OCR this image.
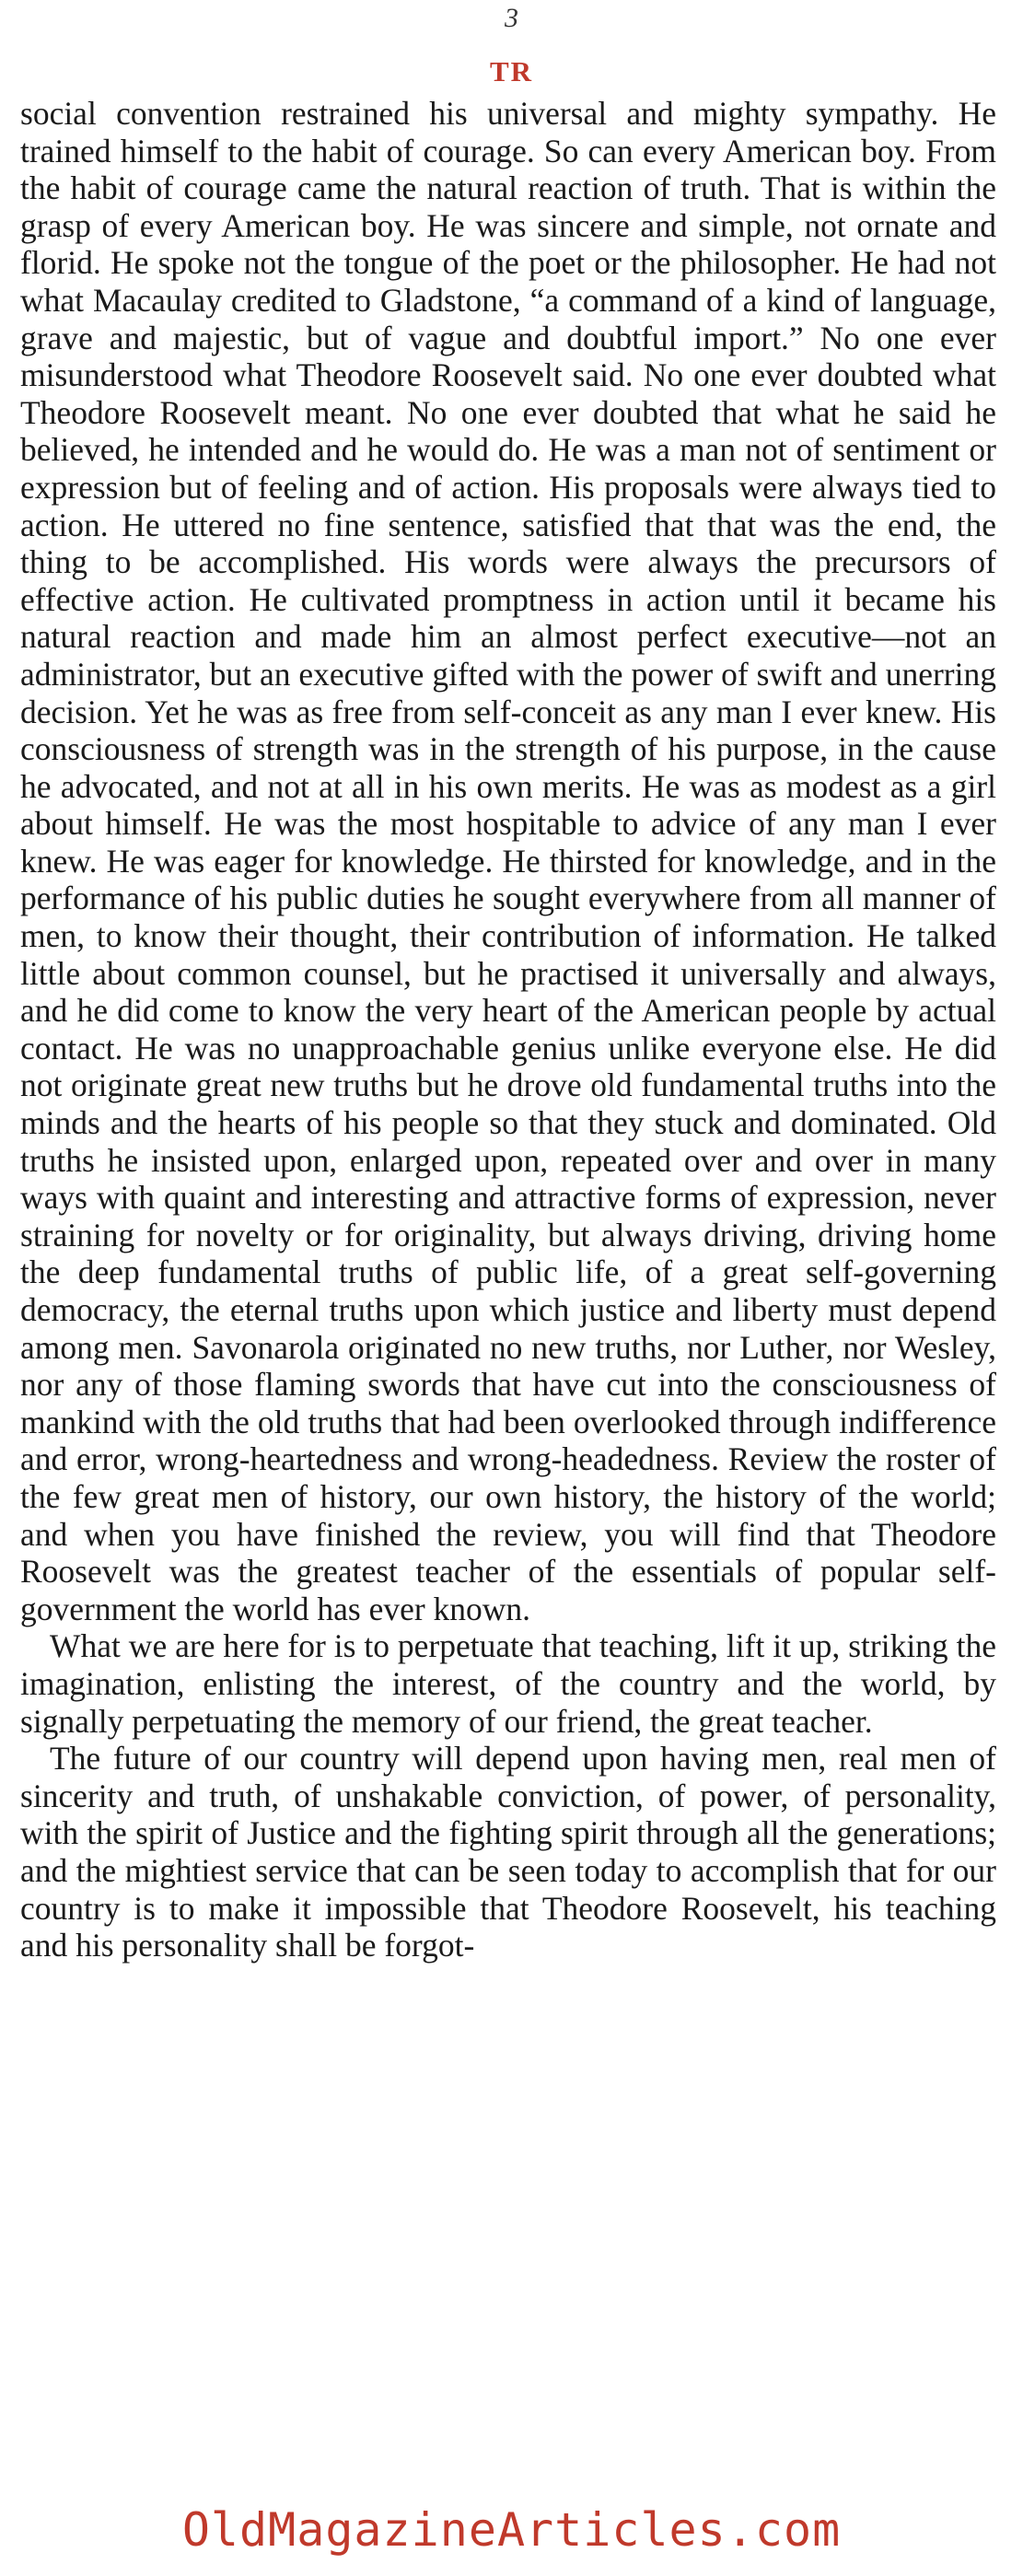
3
TR

social convention restrained his universal and mighty sympathy. He trained himself to the habit of courage. So can every American boy. From the habit of courage came the natural reaction of truth. That is within the grasp of every American boy. He was sincere and simple, not ornate and florid. He spoke not the tongue of the poet or the philosopher. He had not what Macaulay credited to Gladstone, “a command of a kind of language, grave and majestic, but of vague and doubtful import.” No one ever misunderstood what Theodore Roosevelt said. No one ever doubted what Theodore Roosevelt meant. No one ever doubted that what he said he believed, he intended and he would do. He was a man not of sentiment or expression but of feeling and of action. His proposals were always tied to action. He uttered no fine sentence, satisfied that that was the end, the thing to be accomplished. His words were always the precursors of effective action. He cultivated promptness in action until it became his natural reaction and made him an almost perfect executive—not an administrator, but an executive gifted with the power of swift and unerring decision. Yet he was as free from self-conceit as any man I ever knew. His consciousness of strength was in the strength of his purpose, in the cause he advocated, and not at all in his own merits. He was as modest as a girl about himself. He was the most hospitable to advice of any man I ever knew. He was eager for knowledge. He thirsted for knowledge, and in the performance of his public duties he sought everywhere from all manner of men, to know their thought, their contribution of information. He talked little about common counsel, but he practised it universally and always, and he did come to know the very heart of the American people by actual contact. He was no unapproachable genius unlike everyone else. He did not originate great new truths but he drove old fundamental truths into the minds and the hearts of his people so that they stuck and dominated. Old truths he insisted upon, enlarged upon, repeated over and over in many ways with quaint and interesting and attractive forms of expression, never straining for novelty or for originality, but always driving, driving home the deep fundamental truths of public life, of a great self-governing democracy, the eternal truths upon which justice and liberty must depend among men. Savonarola originated no new truths, nor Luther, nor Wesley, nor any of those flaming swords that have cut into the consciousness of mankind with the old truths that had been overlooked through indifference and error, wrong-heartedness and wrong-headedness. Review the roster of the few great men of history, our own history, the history of the world; and when you have finished the review, you will find that Theodore Roosevelt was the greatest teacher of the essentials of popular self-government the world has ever known.

What we are here for is to perpetuate that teaching, lift it up, striking the imagination, enlisting the interest, of the country and the world, by signally perpetuating the memory of our friend, the great teacher.

The future of our country will depend upon having men, real men of sincerity and truth, of unshakable conviction, of power, of personality, with the spirit of Justice and the fighting spirit through all the generations; and the mightiest service that can be seen today to accomplish that for our country is to make it impossible that Theodore Roosevelt, his teaching and his personality shall be forgot-

OldMagazineArticles.com
